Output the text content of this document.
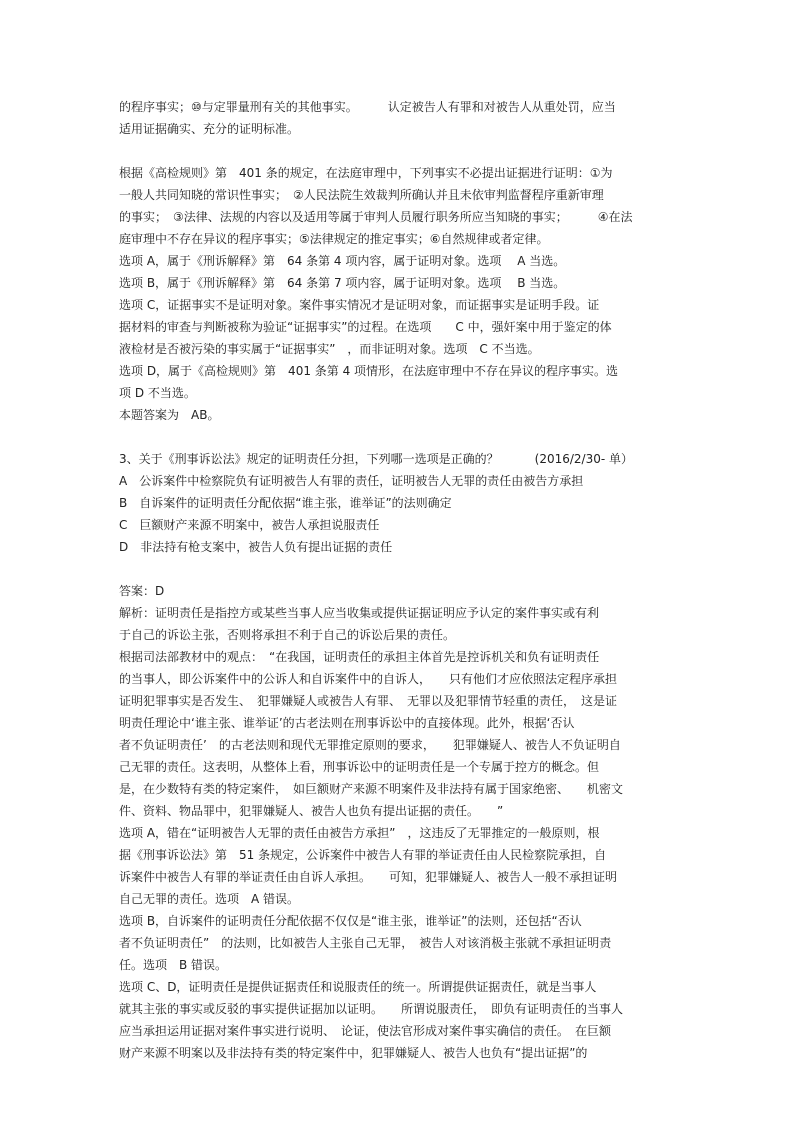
的程序事实；⑩与定罪量刑有关的其他事实。　　　认定被告人有罪和对被告人从重处罚，应当

适用证据确实、充分的证明标准。

根据《高检规则》第　401 条的规定，在法庭审理中，下列事实不必提出证据进行证明：①为

一般人共同知晓的常识性事实；　②人民法院生效裁判所确认并且未依审判监督程序重新审理

的事实；　③法律、法规的内容以及适用等属于审判人员履行职务所应当知晓的事实；　　　④在法

庭审理中不存在异议的程序事实；⑤法律规定的推定事实；⑥自然规律或者定律。

选项 A，属于《刑诉解释》第　64 条第 4 项内容，属于证明对象。选项　 A 当选。

选项 B，属于《刑诉解释》第　64 条第 7 项内容，属于证明对象。选项　 B 当选。

选项 C，证据事实不是证明对象。案件事实情况才是证明对象，而证据事实是证明手段。证

据材料的审查与判断被称为验证“证据事实”的过程。在选项　　C 中，强奸案中用于鉴定的体

液检材是否被污染的事实属于“证据事实”　，而非证明对象。选项　C 不当选。

选项 D，属于《高检规则》第　401 条第 4 项情形，在法庭审理中不存在异议的程序事实。选

项 D 不当选。

本题答案为　AB。

3、关于《刑事诉讼法》规定的证明责任分担，下列哪一选项是正确的？　　　(2016/2/30- 单）

A　公诉案件中检察院负有证明被告人有罪的责任，证明被告人无罪的责任由被告方承担

B　自诉案件的证明责任分配依据“谁主张，谁举证”的法则确定

C　巨额财产来源不明案中，被告人承担说服责任

D　非法持有枪支案中，被告人负有提出证据的责任

答案：D

解析：证明责任是指控方或某些当事人应当收集或提供证据证明应予认定的案件事实或有利

于自己的诉讼主张，否则将承担不利于自己的诉讼后果的责任。

根据司法部教材中的观点：　“在我国，证明责任的承担主体首先是控诉机关和负有证明责任

的当事人，即公诉案件中的公诉人和自诉案件中的自诉人，　　只有他们才应依照法定程序承担

证明犯罪事实是否发生、　犯罪嫌疑人或被告人有罪、　无罪以及犯罪情节轻重的责任，　这是证

明责任理论中‘谁主张、谁举证’的古老法则在刑事诉讼中的直接体现。此外，根据‘否认

者不负证明责任’　的古老法则和现代无罪推定原则的要求，　　犯罪嫌疑人、被告人不负证明自

己无罪的责任。这表明，从整体上看，刑事诉讼中的证明责任是一个专属于控方的概念。但

是，在少数特有类的特定案件，　如巨额财产来源不明案件及非法持有属于国家绝密、　　机密文

件、资料、物品罪中，犯罪嫌疑人、被告人也负有提出证据的责任。　　”

选项 A，错在“证明被告人无罪的责任由被告方承担”　，这违反了无罪推定的一般原则，根

据《刑事诉讼法》第　51 条规定，公诉案件中被告人有罪的举证责任由人民检察院承担，自

诉案件中被告人有罪的举证责任由自诉人承担。　　可知，犯罪嫌疑人、被告人一般不承担证明

自己无罪的责任。选项　A 错误。

选项 B，自诉案件的证明责任分配依据不仅仅是“谁主张，谁举证”的法则，还包括“否认

者不负证明责任”　的法则，比如被告人主张自己无罪，　被告人对该消极主张就不承担证明责

任。选项　B 错误。

选项 C、D，证明责任是提供证据责任和说服责任的统一。所谓提供证据责任，就是当事人

就其主张的事实或反驳的事实提供证据加以证明。　　所谓说服责任，　即负有证明责任的当事人

应当承担运用证据对案件事实进行说明、　论证，使法官形成对案件事实确信的责任。　在巨额

财产来源不明案以及非法持有类的特定案件中，犯罪嫌疑人、被告人也负有“提出证据”的
